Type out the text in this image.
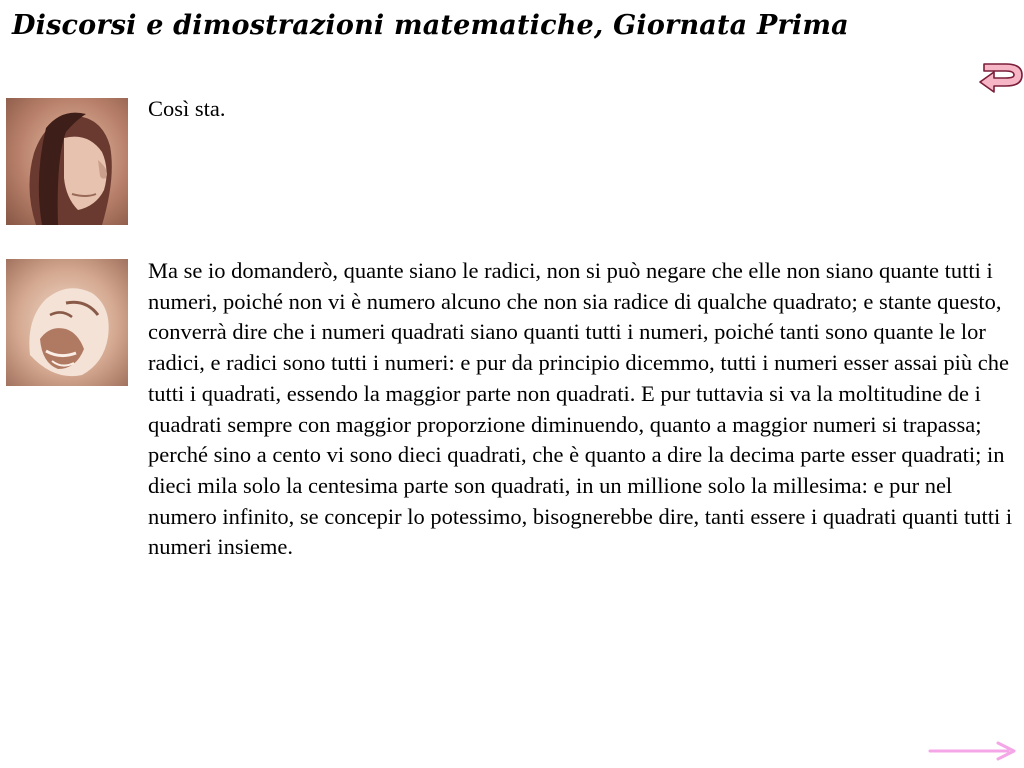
Discorsi e dimostrazioni matematiche, Giornata Prima
Così sta.
Ma se io domanderò, quante siano le radici, non si può negare che elle non siano quante tutti i numeri, poiché non vi è numero alcuno che non sia radice di qualche quadrato; e stante questo, converrà dire che i numeri quadrati siano quanti tutti i numeri, poiché tanti sono quante le lor radici, e radici sono tutti i numeri: e pur da principio dicemmo, tutti i numeri esser assai più che tutti i quadrati, essendo la maggior parte non quadrati. E pur tuttavia si va la moltitudine de i quadrati sempre con maggior proporzione diminuendo, quanto a maggior numeri si trapassa; perché sino a cento vi sono dieci quadrati, che è quanto a dire la decima parte esser quadrati; in dieci mila solo la centesima parte son quadrati, in un millione solo la millesima: e pur nel numero infinito, se concepir lo potessimo, bisognerebbe dire, tanti essere i quadrati quanti tutti i numeri insieme.
